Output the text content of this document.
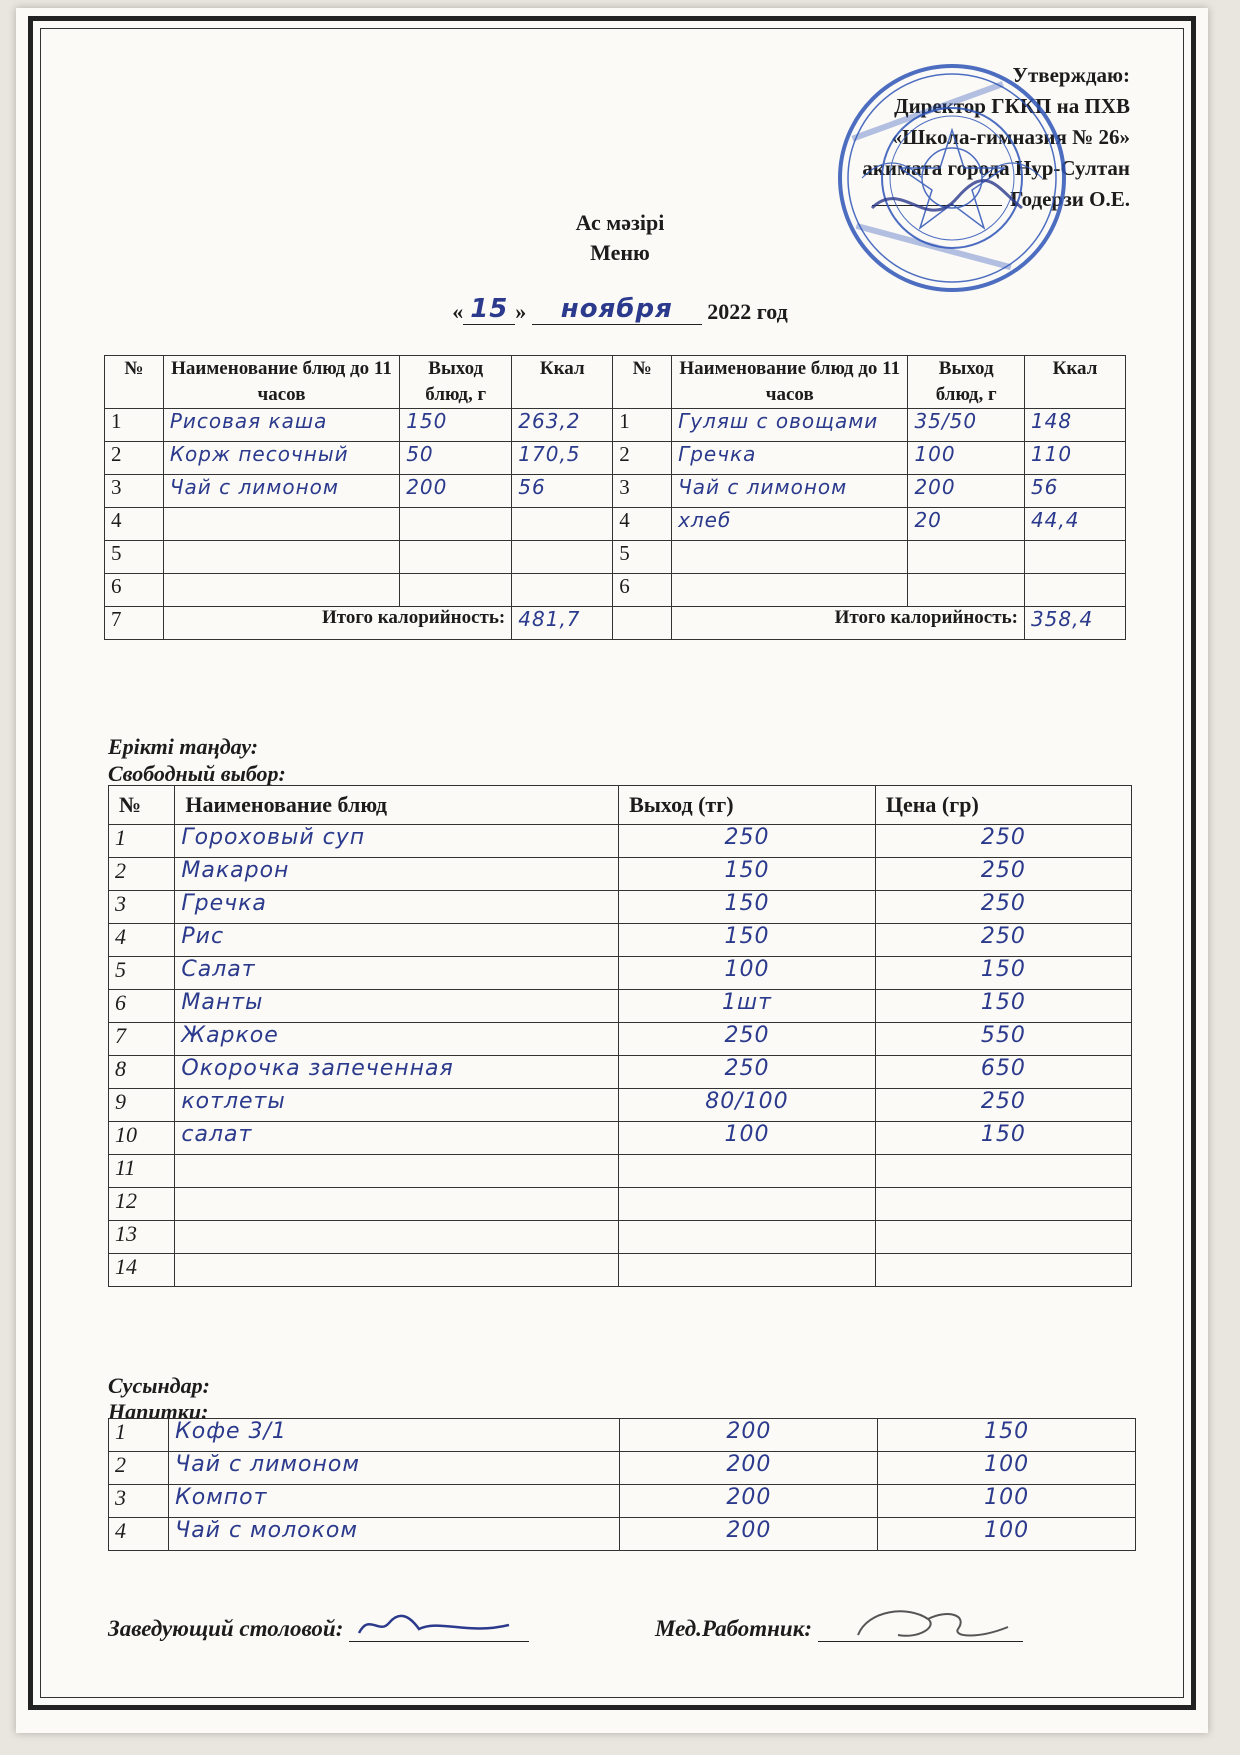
Утверждаю:
Директор ГККП на ПХВ
«Школа-гимназия № 26»
акимата города Нур-Султан
Годерзи О.Е.
Ас мәзірі
Меню
« 15 » ноября 2022 год
№	Наименование блюд до 11 часов	Выход блюд, г	Ккал	№	Наименование блюд до 11 часов	Выход блюд, г	Ккал
1	Рисовая каша	150	263,2	1	Гуляш с овощами	35/50	148
2	Корж песочный	50	170,5	2	Гречка	100	110
3	Чай с лимоном	200	56	3	Чай с лимоном	200	56
4				4	хлеб	20	44,4
5				5			
6				6			
7	Итого калорийность:		481,7		Итого калорийность:		358,4
Ерікті таңдау:
Свободный выбор:
№	Наименование блюд	Выход (тг)	Цена (гр)
1	Гороховый суп	250	250
2	Макарон	150	250
3	Гречка	150	250
4	Рис	150	250
5	Салат	100	150
6	Манты	1шт	150
7	Жаркое	250	550
8	Окорочка запеченная	250	650
9	котлеты	80/100	250
10	салат	100	150
11			
12			
13			
14			
Сусындар:
Напитки:
1	Кофе 3/1	200	150
2	Чай с лимоном	200	100
3	Компот	200	100
4	Чай с молоком	200	100
Заведующий столовой:	Мед.Работник:
